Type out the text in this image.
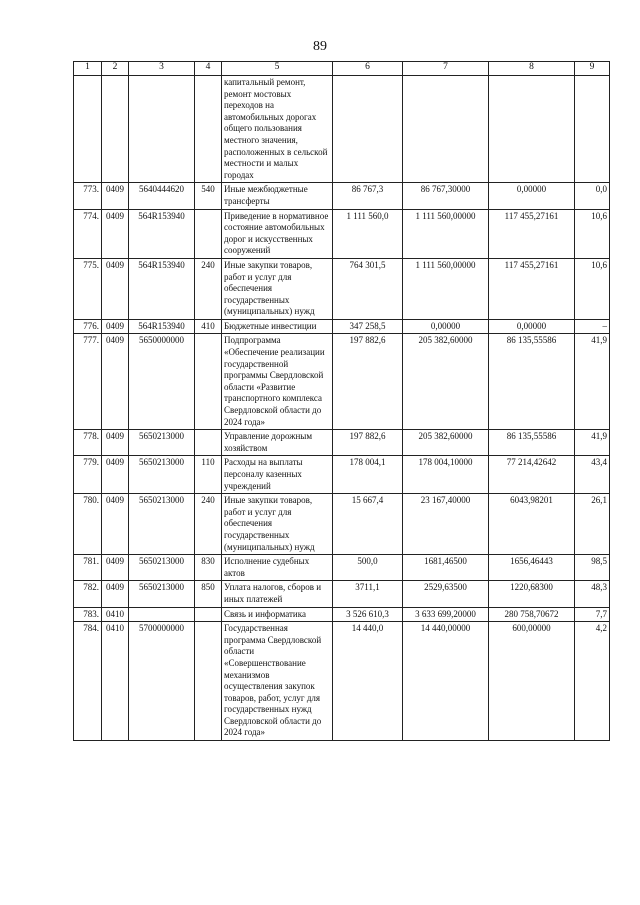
89
1	2	3	4	5	6	7	8	9
				капитальный ремонт, ремонт мостовых переходов на автомобильных дорогах общего пользования местного значения, расположенных в сельской местности и малых городах				
773.	0409	5640444620	540	Иные межбюджетные трансферты	86 767,3	86 767,30000	0,00000	0,0
774.	0409	564R153940		Приведение в нормативное состояние автомобильных дорог и искусственных сооружений	1 111 560,0	1 111 560,00000	117 455,27161	10,6
775.	0409	564R153940	240	Иные закупки товаров, работ и услуг для обеспечения государственных (муниципальных) нужд	764 301,5	1 111 560,00000	117 455,27161	10,6
776.	0409	564R153940	410	Бюджетные инвестиции	347 258,5	0,00000	0,00000	–
777.	0409	5650000000		Подпрограмма «Обеспечение реализации государственной программы Свердловской области «Развитие транспортного комплекса Свердловской области до 2024 года»	197 882,6	205 382,60000	86 135,55586	41,9
778.	0409	5650213000		Управление дорожным хозяйством	197 882,6	205 382,60000	86 135,55586	41,9
779.	0409	5650213000	110	Расходы на выплаты персоналу казенных учреждений	178 004,1	178 004,10000	77 214,42642	43,4
780.	0409	5650213000	240	Иные закупки товаров, работ и услуг для обеспечения государственных (муниципальных) нужд	15 667,4	23 167,40000	6043,98201	26,1
781.	0409	5650213000	830	Исполнение судебных актов	500,0	1681,46500	1656,46443	98,5
782.	0409	5650213000	850	Уплата налогов, сборов и иных платежей	3711,1	2529,63500	1220,68300	48,3
783.	0410			Связь и информатика	3 526 610,3	3 633 699,20000	280 758,70672	7,7
784.	0410	5700000000		Государственная программа Свердловской области «Совершенствование механизмов осуществления закупок товаров, работ, услуг для государственных нужд Свердловской области до 2024 года»	14 440,0	14 440,00000	600,00000	4,2
